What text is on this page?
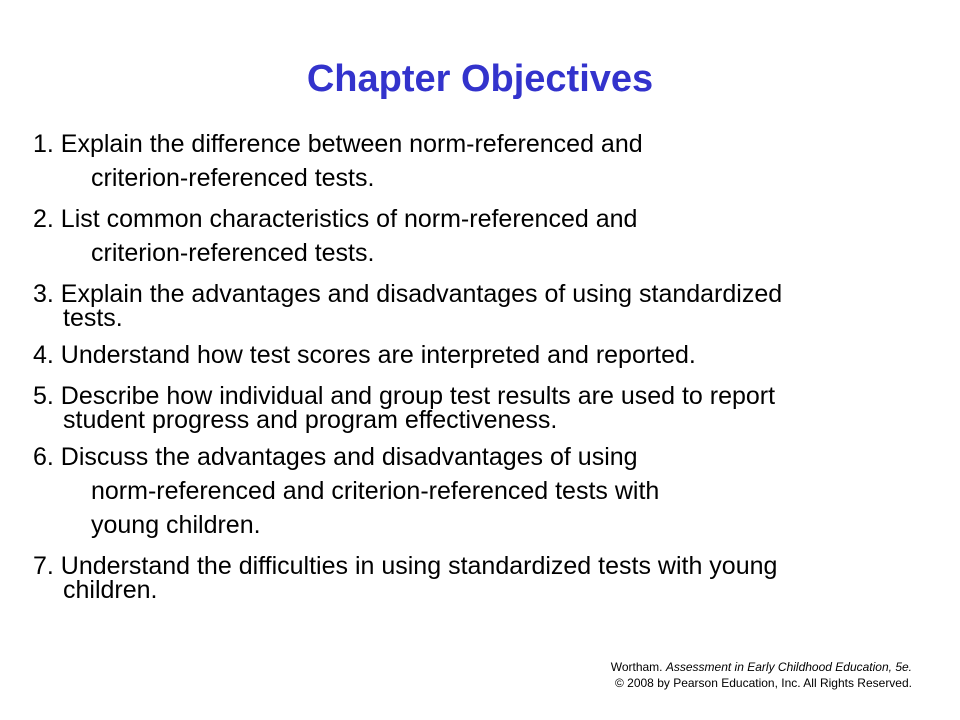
Chapter Objectives
1. Explain the difference between norm-referenced and
criterion-referenced tests.
2. List common characteristics of norm-referenced and
criterion-referenced tests.
3. Explain the advantages and disadvantages of using standardized
tests.
4. Understand how test scores are interpreted and reported.
5. Describe how individual and group test results are used to report
student progress and program effectiveness.
6. Discuss the advantages and disadvantages of using
norm-referenced and criterion-referenced tests with
young children.
7. Understand the difficulties in using standardized tests with young
children.
Wortham. Assessment in Early Childhood Education, 5e.
© 2008 by Pearson Education, Inc. All Rights Reserved.
